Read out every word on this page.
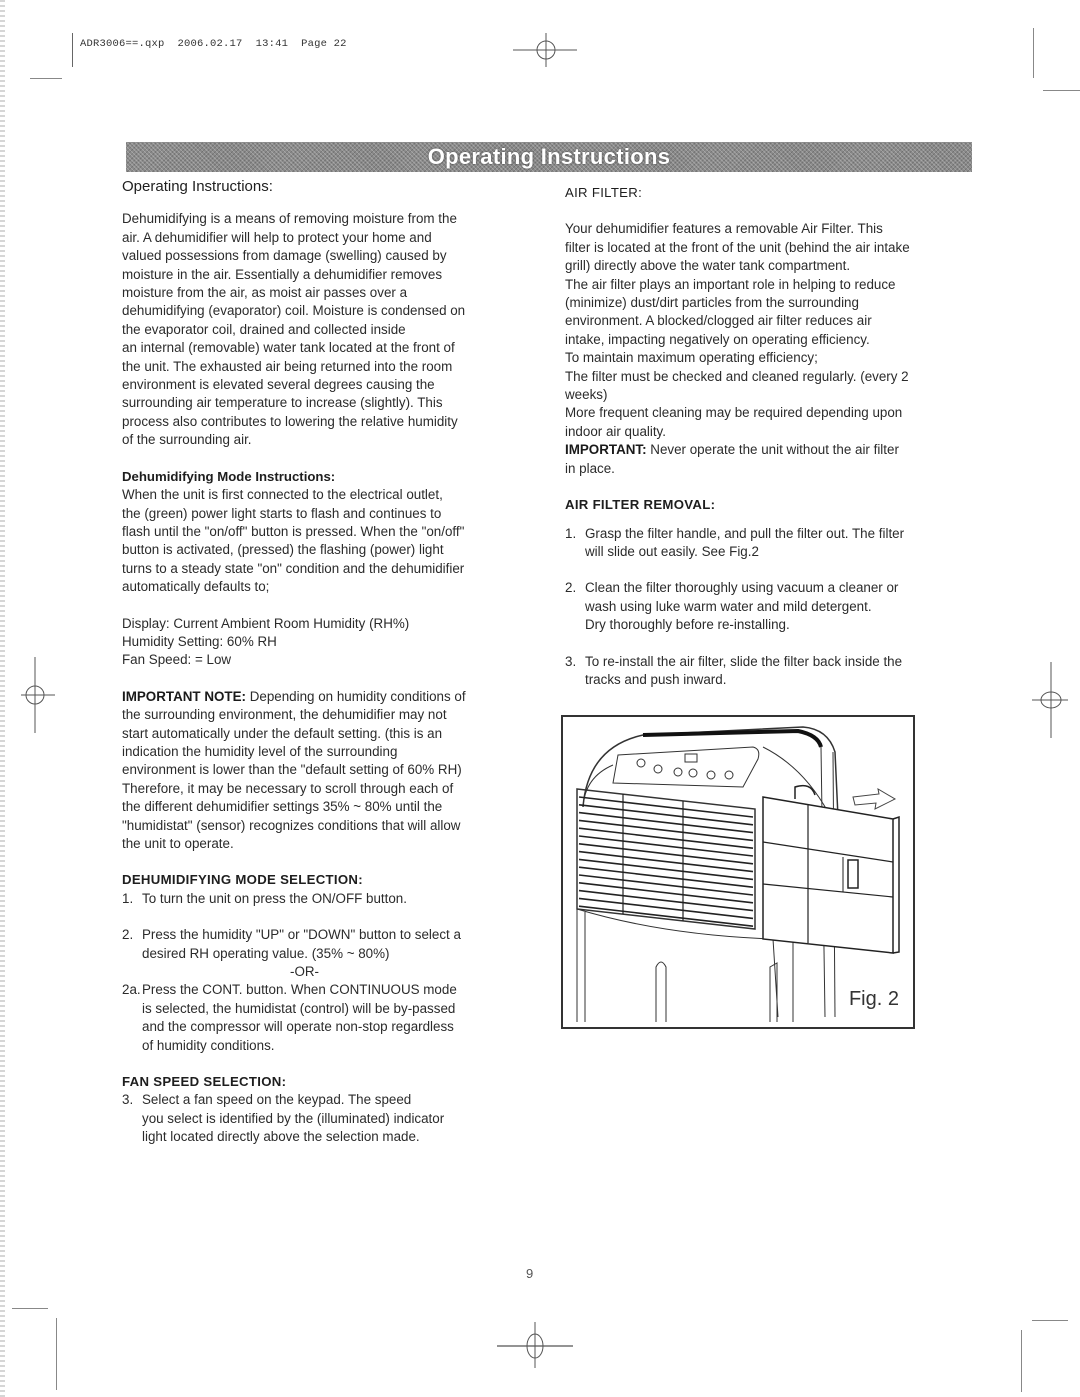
ADR3006==.qxp 2006.02.17 13:41 Page 22
Operating Instructions
Operating Instructions:

Dehumidifying is a means of removing moisture from the

air. A dehumidifier will help to protect your home and

valued possessions from damage (swelling) caused by

moisture in the air. Essentially a dehumidifier removes

moisture from the air, as moist air passes over a

dehumidifying (evaporator) coil. Moisture is condensed on

the evaporator coil, drained and collected inside

an internal (removable) water tank located at the front of

the unit. The exhausted air being returned into the room

environment is elevated several degrees causing the

surrounding air temperature to increase (slightly). This

process also contributes to lowering the relative humidity

of the surrounding air.

Dehumidifying Mode Instructions:

When the unit is first connected to the electrical outlet,

the (green) power light starts to flash and continues to

flash until the "on/off" button is pressed. When the "on/off"

button is activated, (pressed) the flashing (power) light

turns to a steady state "on" condition and the dehumidifier

automatically defaults to;

Display: Current Ambient Room Humidity (RH%)

Humidity Setting: 60% RH

Fan Speed: = Low

IMPORTANT NOTE: Depending on humidity conditions of

the surrounding environment, the dehumidifier may not

start automatically under the default setting. (this is an

indication the humidity level of the surrounding

environment is lower than the "default setting of 60% RH)

Therefore, it may be necessary to scroll through each of

the different dehumidifier settings 35% ~ 80% until the

"humidistat" (sensor) recognizes conditions that will allow

the unit to operate.

DEHUMIDIFYING MODE SELECTION:
1. To turn the unit on press the ON/OFF button.
2. Press the humidity "UP" or "DOWN" button to select a
desired RH operating value. (35% ~ 80%)
-OR-
2a. Press the CONT. button. When CONTINUOUS mode
is selected, the humidistat (control) will be by-passed
and the compressor will operate non-stop regardless
of humidity conditions.
FAN SPEED SELECTION:
3. Select a fan speed on the keypad. The speed
you select is identified by the (illuminated) indicator
light located directly above the selection made.
AIR FILTER:

Your dehumidifier features a removable Air Filter. This

filter is located at the front of the unit (behind the air intake

grill) directly above the water tank compartment.

The air filter plays an important role in helping to reduce

(minimize) dust/dirt particles from the surrounding

environment. A blocked/clogged air filter reduces air

intake, impacting negatively on operating efficiency.

To maintain maximum operating efficiency;

The filter must be checked and cleaned regularly. (every 2

weeks)

More frequent cleaning may be required depending upon

indoor air quality.

IMPORTANT: Never operate the unit without the air filter

in place.

AIR FILTER REMOVAL:
1. Grasp the filter handle, and pull the filter out. The filter
will slide out easily. See Fig.2
2. Clean the filter thoroughly using vacuum a cleaner or
wash using luke warm water and mild detergent.
Dry thoroughly before re-installing.
3. To re-install the air filter, slide the filter back inside the
tracks and push inward.
Fig. 2
9
